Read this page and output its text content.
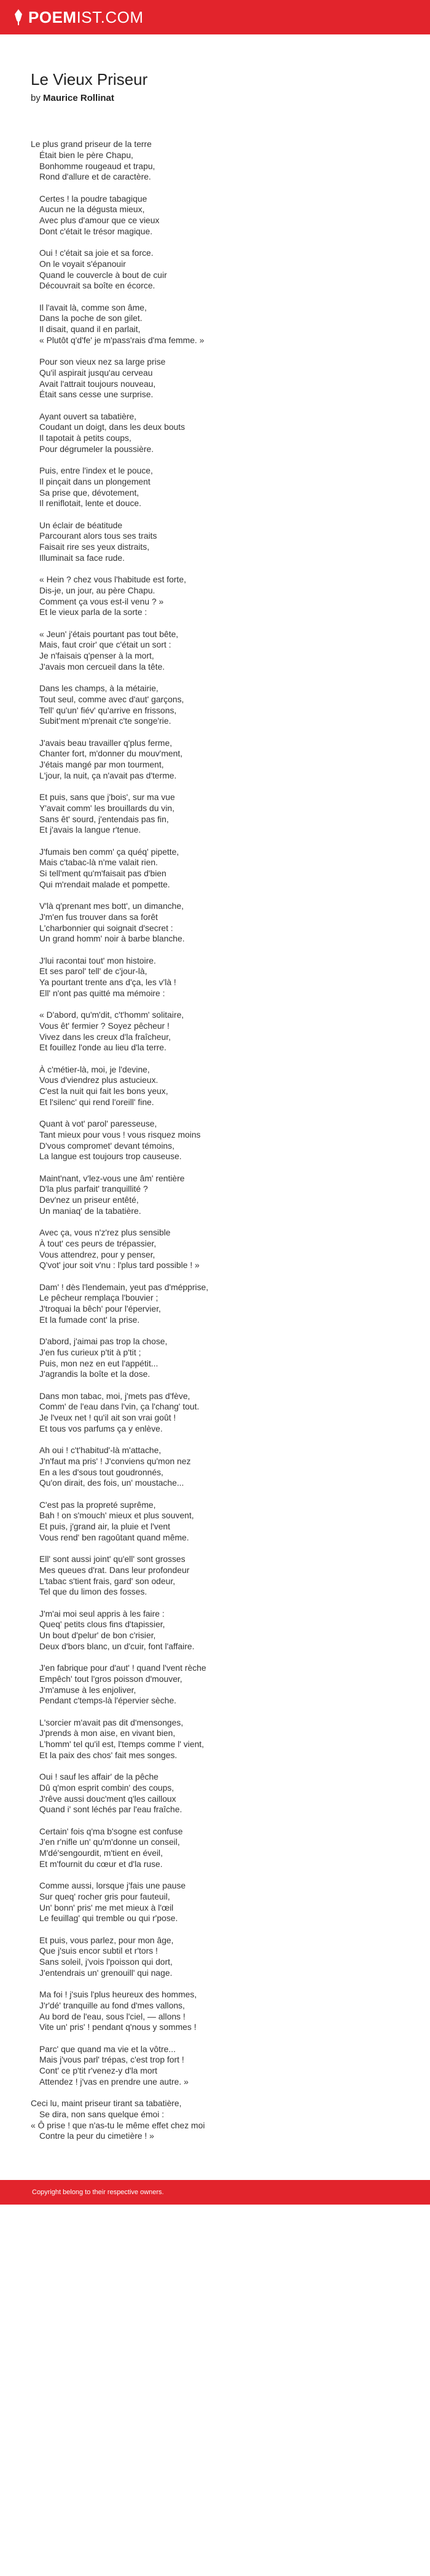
POEMIST.COM
Le Vieux Priseur
by Maurice Rollinat
Le plus grand priseur de la terre
Était bien le père Chapu,
Bonhomme rougeaud et trapu,
Rond d'allure et de caractère.
Certes ! la poudre tabagique
Aucun ne la dégusta mieux,
Avec plus d'amour que ce vieux
Dont c'était le trésor magique.
Oui ! c'était sa joie et sa force.
On le voyait s'épanouir
Quand le couvercle à bout de cuir
Découvrait sa boîte en écorce.
Il l'avait là, comme son âme,
Dans la poche de son gilet.
Il disait, quand il en parlait,
« Plutôt q'd'fe' je m'pass'rais d'ma femme. »
Pour son vieux nez sa large prise
Qu'il aspirait jusqu'au cerveau
Avait l'attrait toujours nouveau,
Était sans cesse une surprise.
Ayant ouvert sa tabatière,
Coudant un doigt, dans les deux bouts
Il tapotait à petits coups,
Pour dégrumeler la poussière.
Puis, entre l'index et le pouce,
Il pinçait dans un plongement
Sa prise que, dévotement,
Il reniflotait, lente et douce.
Un éclair de béatitude
Parcourant alors tous ses traits
Faisait rire ses yeux distraits,
Illuminait sa face rude.
« Hein ? chez vous l'habitude est forte,
Dis-je, un jour, au père Chapu.
Comment ça vous est-il venu ? »
Et le vieux parla de la sorte :
« Jeun' j'étais pourtant pas tout bête,
Mais, faut croir' que c'était un sort :
Je n'faisais q'penser à la mort,
J'avais mon cercueil dans la tête.
Dans les champs, à la métairie,
Tout seul, comme avec d'aut' garçons,
Tell' qu'un' fiév' qu'arrive en frissons,
Subit'ment m'prenait c'te songe'rie.
J'avais beau travailler q'plus ferme,
Chanter fort, m'donner du mouv'ment,
J'étais mangé par mon tourment,
L'jour, la nuit, ça n'avait pas d'terme.
Et puis, sans que j'bois', sur ma vue
Y'avait comm' les brouillards du vin,
Sans êt' sourd, j'entendais pas fin,
Et j'avais la langue r'tenue.
J'fumais ben comm' ça quéq' pipette,
Mais c'tabac-là n'me valait rien.
Si tell'ment qu'm'faisait pas d'bien
Qui m'rendait malade et pompette.
V'là q'prenant mes bott', un dimanche,
J'm'en fus trouver dans sa forêt
L'charbonnier qui soignait d'secret :
Un grand homm' noir à barbe blanche.
J'lui racontai tout' mon histoire.
Et ses parol' tell' de c'jour-là,
Ya pourtant trente ans d'ça, les v'là !
Ell' n'ont pas quitté ma mémoire :
« D'abord, qu'm'dit, c't'homm' solitaire,
Vous êt' fermier ? Soyez pêcheur !
Vivez dans les creux d'la fraîcheur,
Et fouillez l'onde au lieu d'la terre.
À c'métier-là, moi, je l'devine,
Vous d'viendrez plus astucieux.
C'est la nuit qui fait les bons yeux,
Et l'silenc' qui rend l'oreill' fine.
Quant à vot' parol' paresseuse,
Tant mieux pour vous ! vous risquez moins
D'vous compromet' devant témoins,
La langue est toujours trop causeuse.
Maint'nant, v'lez-vous une âm' rentière
D'la plus parfait' tranquillité ?
Dev'nez un priseur entêté,
Un maniaq' de la tabatière.
Avec ça, vous n'z'rez plus sensible
À tout' ces peurs de trépassier,
Vous attendrez, pour y penser,
Q'vot' jour soit v'nu : l'plus tard possible ! »
Dam' ! dès l'lendemain, yeut pas d'mépprise,
Le pêcheur remplaça l'bouvier ;
J'troquai la bêch' pour l'épervier,
Et la fumade cont' la prise.
D'abord, j'aimai pas trop la chose,
J'en fus curieux p'tit à p'tit ;
Puis, mon nez en eut l'appétit...
J'agrandis la boîte et la dose.
Dans mon tabac, moi, j'mets pas d'fève,
Comm' de l'eau dans l'vin, ça l'chang' tout.
Je l'veux net ! qu'il ait son vrai goût !
Et tous vos parfums ça y enlève.
Ah oui ! c't'habitud'-là m'attache,
J'n'faut ma pris' ! J'conviens qu'mon nez
En a les d'sous tout goudronnés,
Qu'on dirait, des fois, un' moustache...
C'est pas la propreté suprême,
Bah ! on s'mouch' mieux et plus souvent,
Et puis, j'grand air, la pluie et l'vent
Vous rend' ben ragoûtant quand même.
Ell' sont aussi joint' qu'ell' sont grosses
Mes queues d'rat. Dans leur profondeur
L'tabac s'tient frais, gard' son odeur,
Tel que du limon des fosses.
J'm'ai moi seul appris à les faire :
Queq' petits clous fins d'tapissier,
Un bout d'pelur' de bon c'risier,
Deux d'bors blanc, un d'cuir, font l'affaire.
J'en fabrique pour d'aut' ! quand l'vent rèche
Empêch' tout l'gros poisson d'mouver,
J'm'amuse à les enjoliver,
Pendant c'temps-là l'épervier sèche.
L'sorcier m'avait pas dit d'mensonges,
J'prends à mon aise, en vivant bien,
L'homm' tel qu'il est, l'temps comme l' vient,
Et la paix des chos' fait mes songes.
Oui ! sauf les affair' de la pêche
Dû q'mon esprit combin' des coups,
J'rêve aussi douc'ment q'les cailloux
Quand i' sont léchés par l'eau fraîche.
Certain' fois q'ma b'sogne est confuse
J'en r'nifle un' qu'm'donne un conseil,
M'dé'sengourdit, m'tient en éveil,
Et m'fournit du cœur et d'la ruse.
Comme aussi, lorsque j'fais une pause
Sur queq' rocher gris pour fauteuil,
Un' bonn' pris' me met mieux à l'œil
Le feuillag' qui tremble ou qui r'pose.
Et puis, vous parlez, pour mon âge,
Que j'suis encor subtil et r'tors !
Sans soleil, j'vois l'poisson qui dort,
J'entendrais un' grenouill' qui nage.
Ma foi ! j'suis l'plus heureux des hommes,
J'r'dé' tranquille au fond d'mes vallons,
Au bord de l'eau, sous l'ciel, — allons !
Vite un' pris' ! pendant q'nous y sommes !
Parc' que quand ma vie et la vôtre...
Mais j'vous parl' trépas, c'est trop fort !
Cont' ce p'tit r'venez-y d'la mort
Attendez ! j'vas en prendre une autre. »
Ceci lu, maint priseur tirant sa tabatière,
Se dira, non sans quelque émoi :
« Ô prise ! que n'as-tu le même effet chez moi
Contre la peur du cimetière ! »
Copyright belong to their respective owners.
